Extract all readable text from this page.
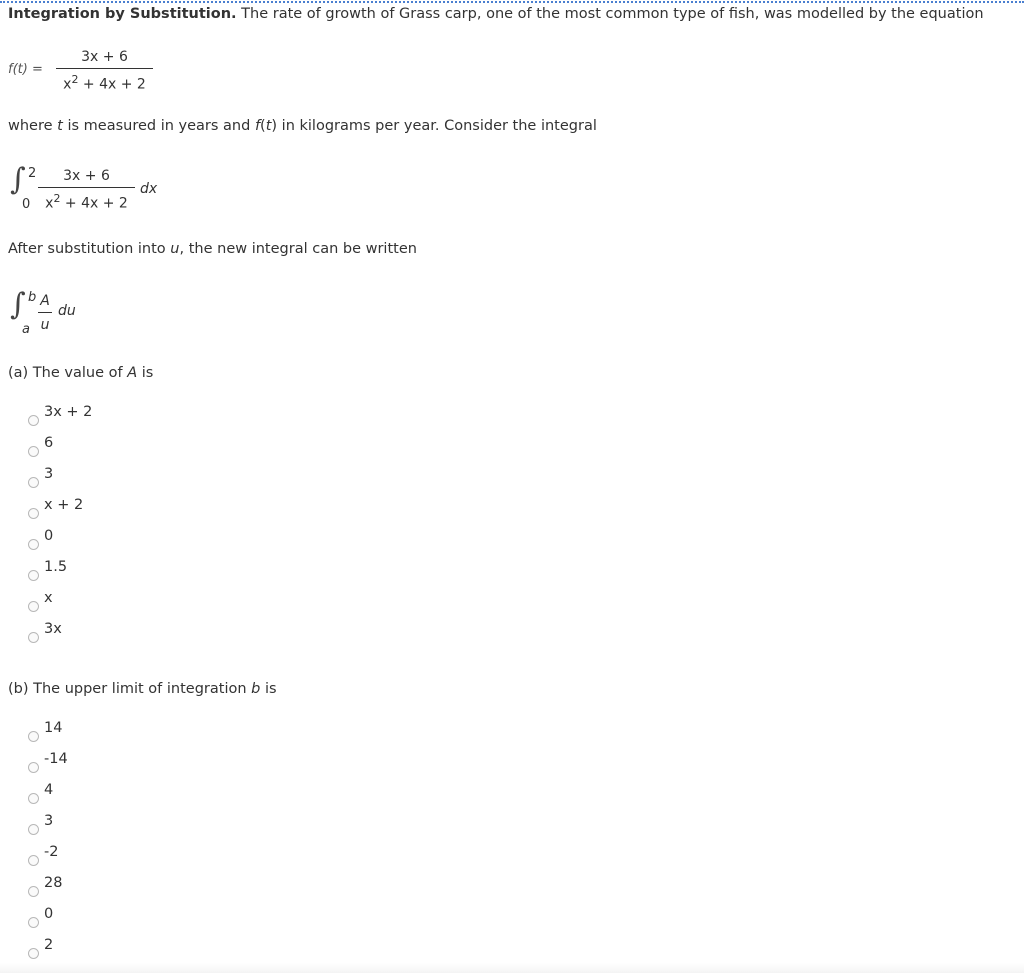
Integration by Substitution. The rate of growth of Grass carp, one of the most common type of fish, was modelled by the equation
f(t) =
3x + 6
$x^2 + 4x + 2$
where t is measured in years and f(t) in kilograms per year. Consider the integral
∫ 2
0
3x + 6
$x^2 + 4x + 2$
dx
After substitution into u, the new integral can be written
∫ b
a
A
u
du
(a) The value of A is
3x + 2
6
3
x + 2
0
1.5
x
3x
(b) The upper limit of integration b is
14
-14
4
3
-2
28
0
2
